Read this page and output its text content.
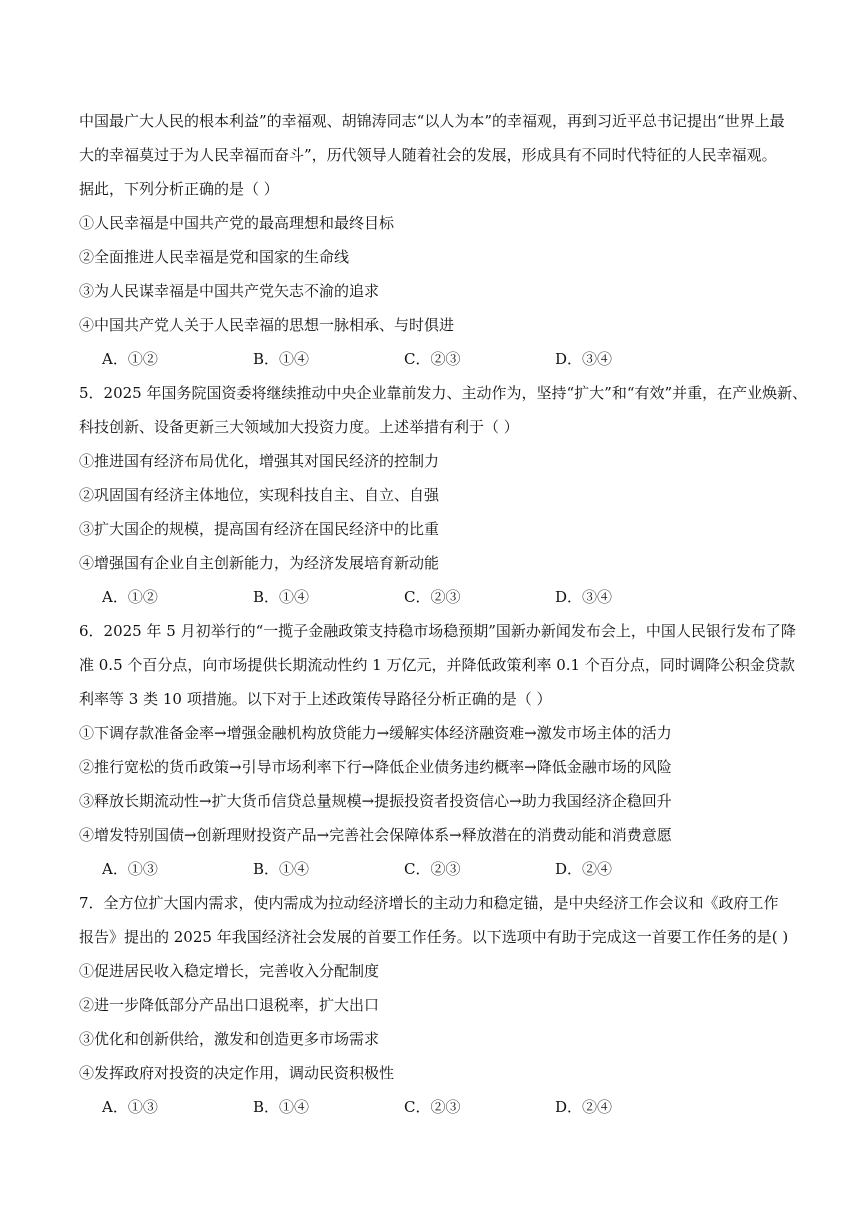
中国最广大人民的根本利益”的幸福观、胡锦涛同志“以人为本”的幸福观，再到习近平总书记提出“世界上最
大的幸福莫过于为人民幸福而奋斗”，历代领导人随着社会的发展，形成具有不同时代特征的人民幸福观。
据此，下列分析正确的是（ ）
①人民幸福是中国共产党的最高理想和最终目标
②全面推进人民幸福是党和国家的生命线
③为人民谋幸福是中国共产党矢志不渝的追求
④中国共产党人关于人民幸福的思想一脉相承、与时俱进
A．①②	B．①④	C．②③	D．③④
5．2025 年国务院国资委将继续推动中央企业靠前发力、主动作为，坚持“扩大”和“有效”并重，在产业焕新、
科技创新、设备更新三大领域加大投资力度。上述举措有利于（ ）
①推进国有经济布局优化，增强其对国民经济的控制力
②巩固国有经济主体地位，实现科技自主、自立、自强
③扩大国企的规模，提高国有经济在国民经济中的比重
④增强国有企业自主创新能力，为经济发展培育新动能
A．①②	B．①④	C．②③	D．③④
6．2025 年 5 月初举行的“一揽子金融政策支持稳市场稳预期”国新办新闻发布会上，中国人民银行发布了降
准 0.5 个百分点，向市场提供长期流动性约 1 万亿元，并降低政策利率 0.1 个百分点，同时调降公积金贷款
利率等 3 类 10 项措施。以下对于上述政策传导路径分析正确的是（ ）
①下调存款准备金率→增强金融机构放贷能力→缓解实体经济融资难→激发市场主体的活力
②推行宽松的货币政策→引导市场利率下行→降低企业债务违约概率→降低金融市场的风险
③释放长期流动性→扩大货币信贷总量规模→提振投资者投资信心→助力我国经济企稳回升
④增发特别国债→创新理财投资产品→完善社会保障体系→释放潜在的消费动能和消费意愿
A．①③	B．①④	C．②③	D．②④
7．全方位扩大国内需求，使内需成为拉动经济增长的主动力和稳定锚，是中央经济工作会议和《政府工作
报告》提出的 2025 年我国经济社会发展的首要工作任务。以下选项中有助于完成这一首要工作任务的是( )
①促进居民收入稳定增长，完善收入分配制度
②进一步降低部分产品出口退税率，扩大出口
③优化和创新供给，激发和创造更多市场需求
④发挥政府对投资的决定作用，调动民资积极性
A．①③	B．①④	C．②③	D．②④
